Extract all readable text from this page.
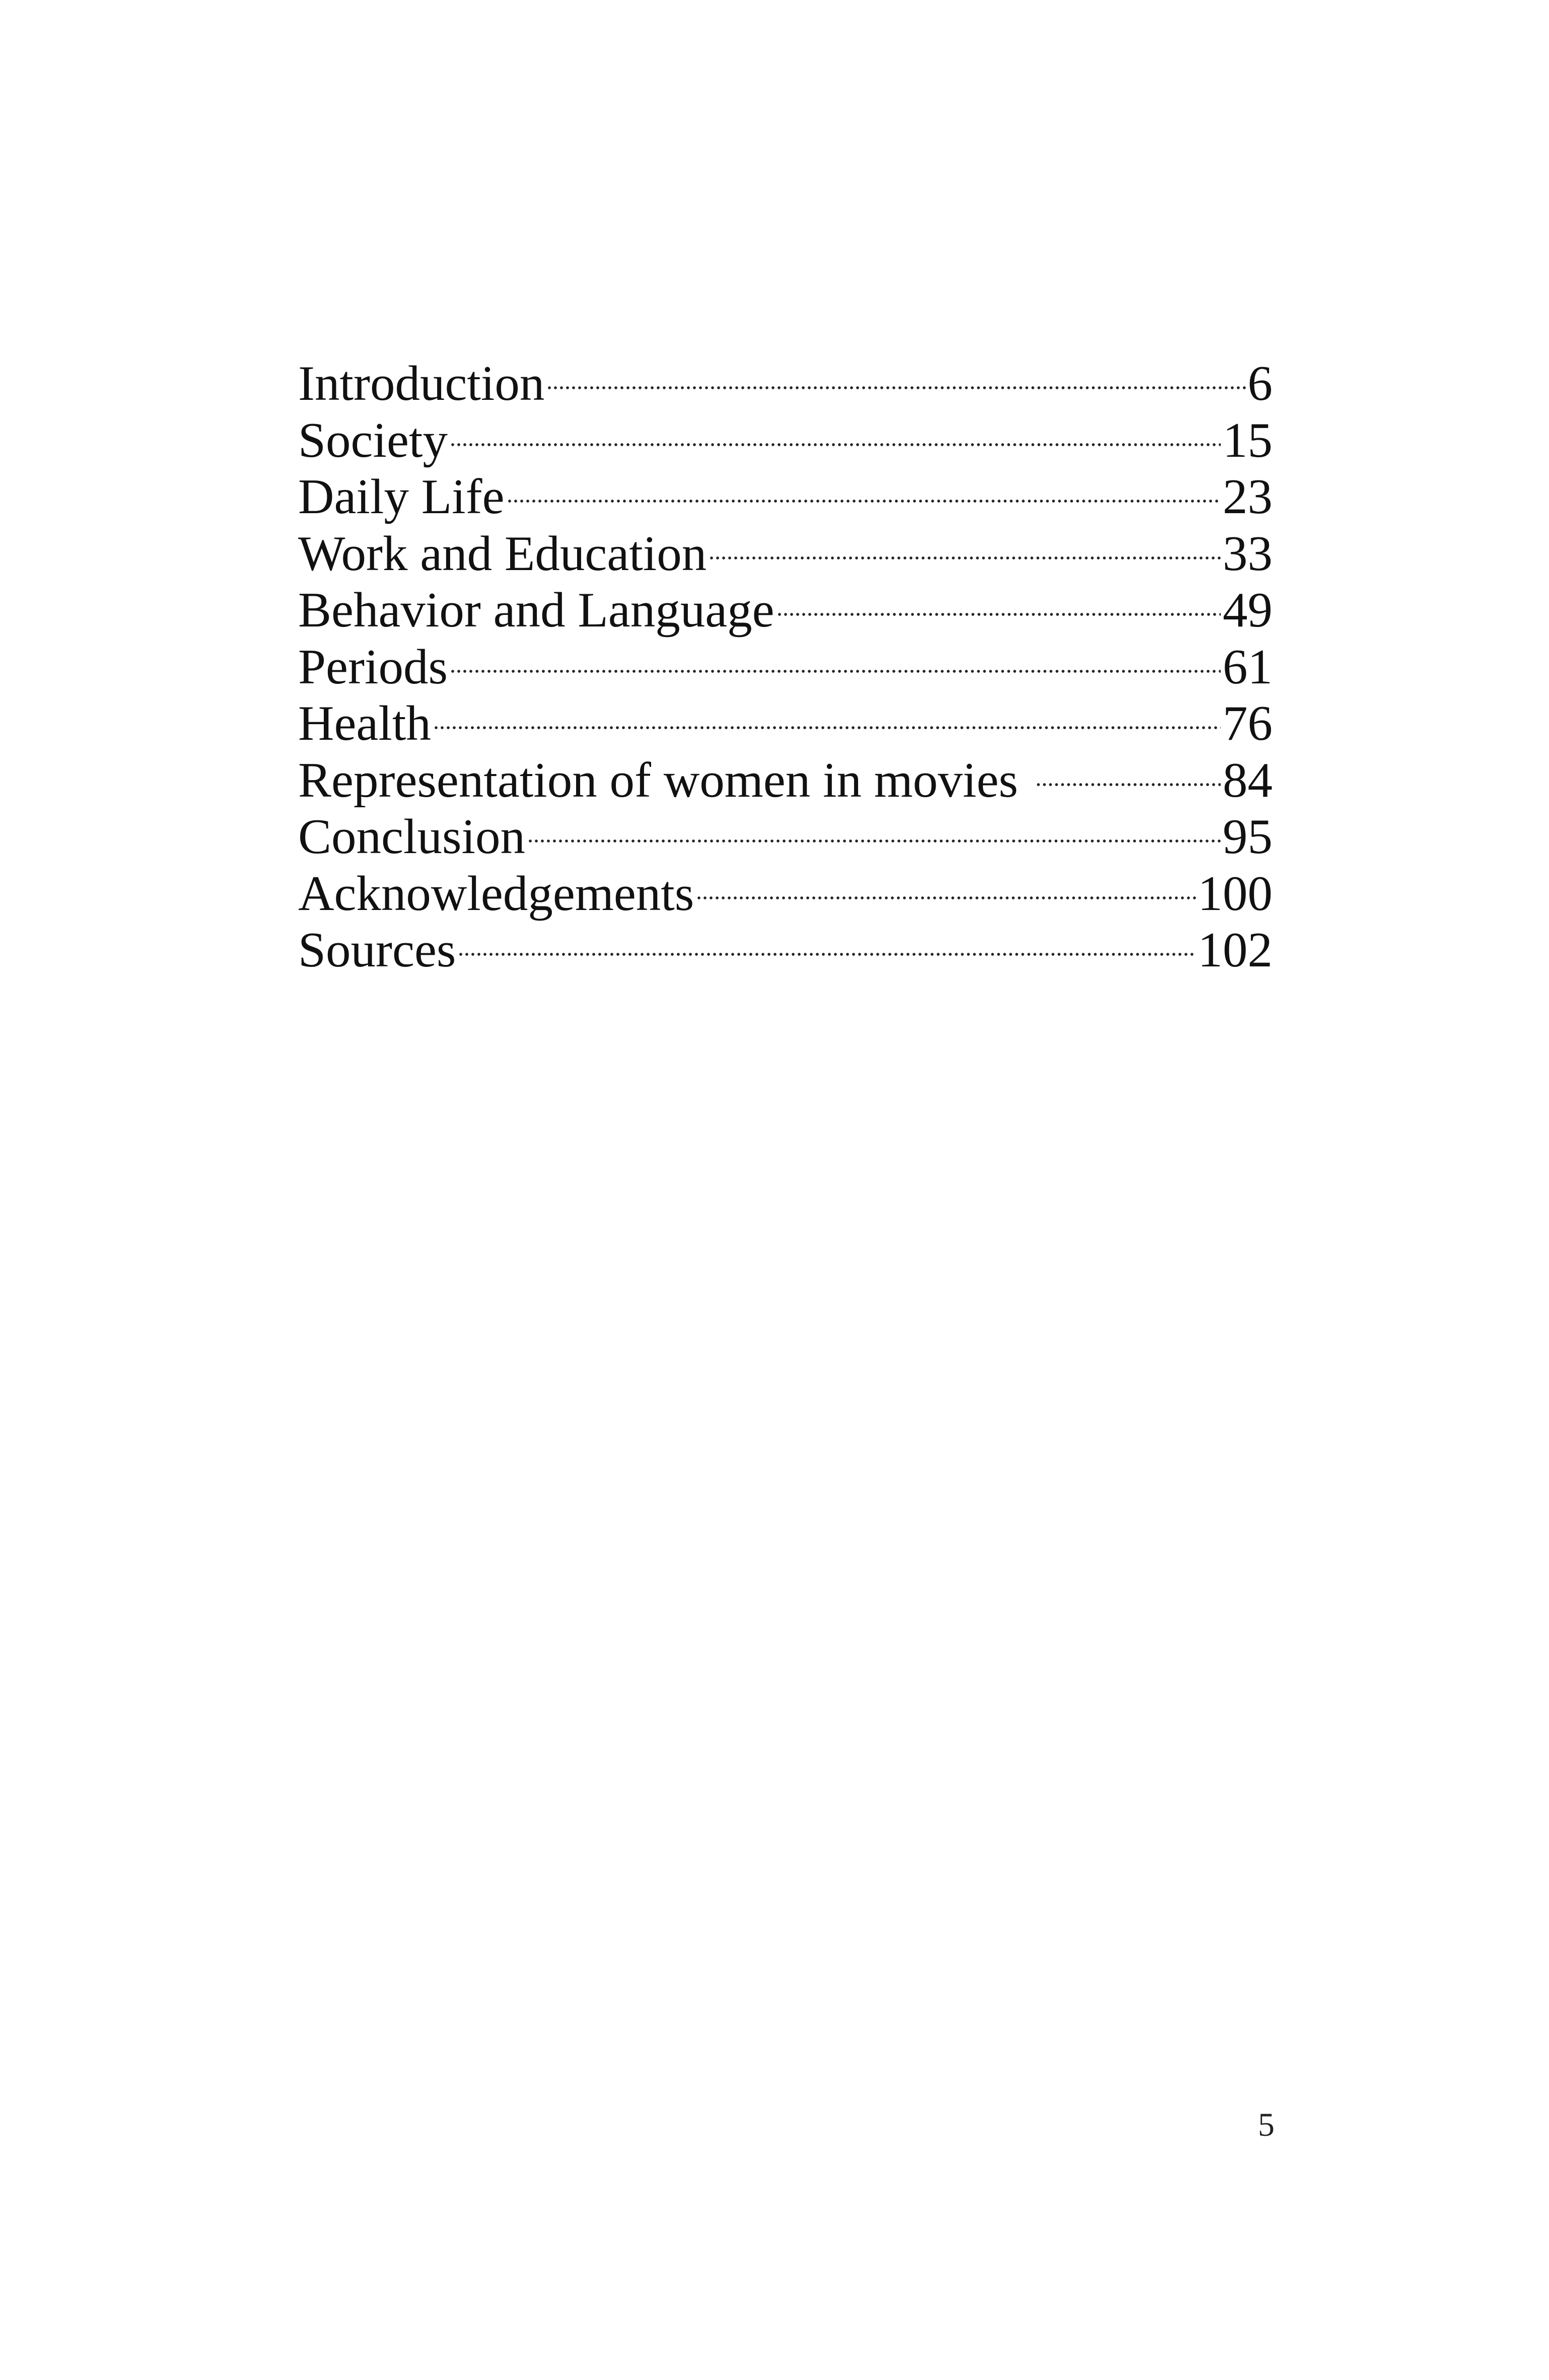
Introduction	6
Society	15
Daily Life	23
Work and Education	33
Behavior and Language	49
Periods	61
Health	76
Representation of women in movies	84
Conclusion	95
Acknowledgements	100
Sources	102
5
